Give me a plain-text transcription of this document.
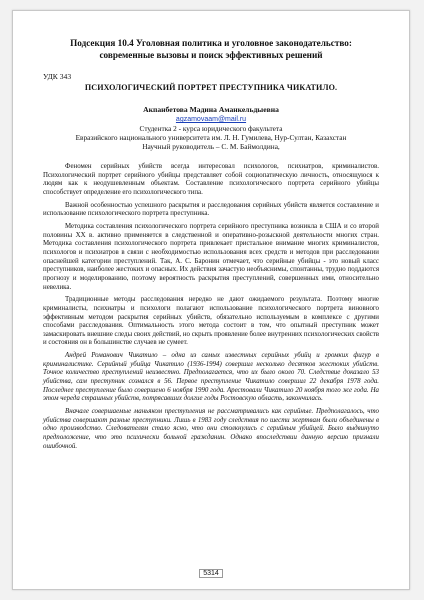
Подсекция 10.4 Уголовная политика и уголовное законодательство: современные вызовы и поиск эффективных решений
УДК 343
ПСИХОЛОГИЧЕСКИЙ ПОРТРЕТ ПРЕСТУПНИКА ЧИКАТИЛО.
Акпанбетова Мадина Аманкельдыевна
agzamovaam@mail.ru
Студентка 2 - курса юридического факультета
Евразийского национального университета им. Л. Н. Гумилева, Нур-Султан, Казахстан
Научный руководитель – С. М. Баймолдина,

Феномен серийных убийств всегда интересовал психологов, психиатров, криминалистов. Психологический портрет серийного убийцы представляет собой социопатическую личность, относящуюся к людям как к неодушевленным объектам. Составление психологического портрета серийного убийцы способствует определение его психологического типа.

Важной особенностью успешного раскрытия и расследования серийных убийств является составление и использование психологического портрета преступника.

Методика составления психологического портрета серийного преступника возникла в США и со второй половины XX в. активно применяется в следственной и оперативно-розыскной деятельности многих стран. Методика составления психологического портрета привлекает пристальное внимание многих криминалистов, психологов и психиатров в связи с необходимостью использования всех средств и методов при расследовании опаснейшей категории преступлений. Так, А. С. Баронин отмечает, что серийные убийцы - это новый класс преступников, наиболее жестоких и опасных. Их действия зачастую необъяснимы, спонтанны, трудно поддаются прогнозу и моделированию, поэтому вероятность раскрытия преступлений, совершенных ими, относительно невелика.

Традиционные методы расследования нередко не дают ожидаемого результата. Поэтому многие криминалисты, психиатры и психологи полагают использование психологического портрета виновного эффективным методом раскрытия серийных убийств, обязательно используемым в комплексе с другими способами расследования. Оптимальность этого метода состоит в том, что опытный преступник может замаскировать внешние следы своих действий, но скрыть проявление более внутренних психологических свойств и состояния он в большинстве случаев не сумеет.

Андрей Романович Чикатило – одна из самых известных серийных убийц и громких фигур в криминалистике. Серийный убийца Чикатило (1936-1994) совершил несколько десятков жестоких убийств. Точное количество преступлений неизвестно. Предполагается, что их было около 70. Следствие доказало 53 убийства, сам преступник сознался в 56. Первое преступление Чикатило совершил 22 декабря 1978 года. Последнее преступление было совершено 6 ноября 1990 года. Арестовали Чикатило 20 ноября того же года. На этом череда страшных убийств, потрясавших долгие годы Ростовскую область, закончилась.

Вначале совершаемые маньяком преступления не рассматривались как серийные. Предполагалось, что убийства совершают разные преступники. Лишь в 1983 году следствия по шести жертвам были объединены в одно производство. Следователям стало ясно, что они столкнулись с серийным убийцей. Было выдвинуто предположение, что это психически больной гражданин. Однако впоследствии данную версию признали ошибочной.

5314
